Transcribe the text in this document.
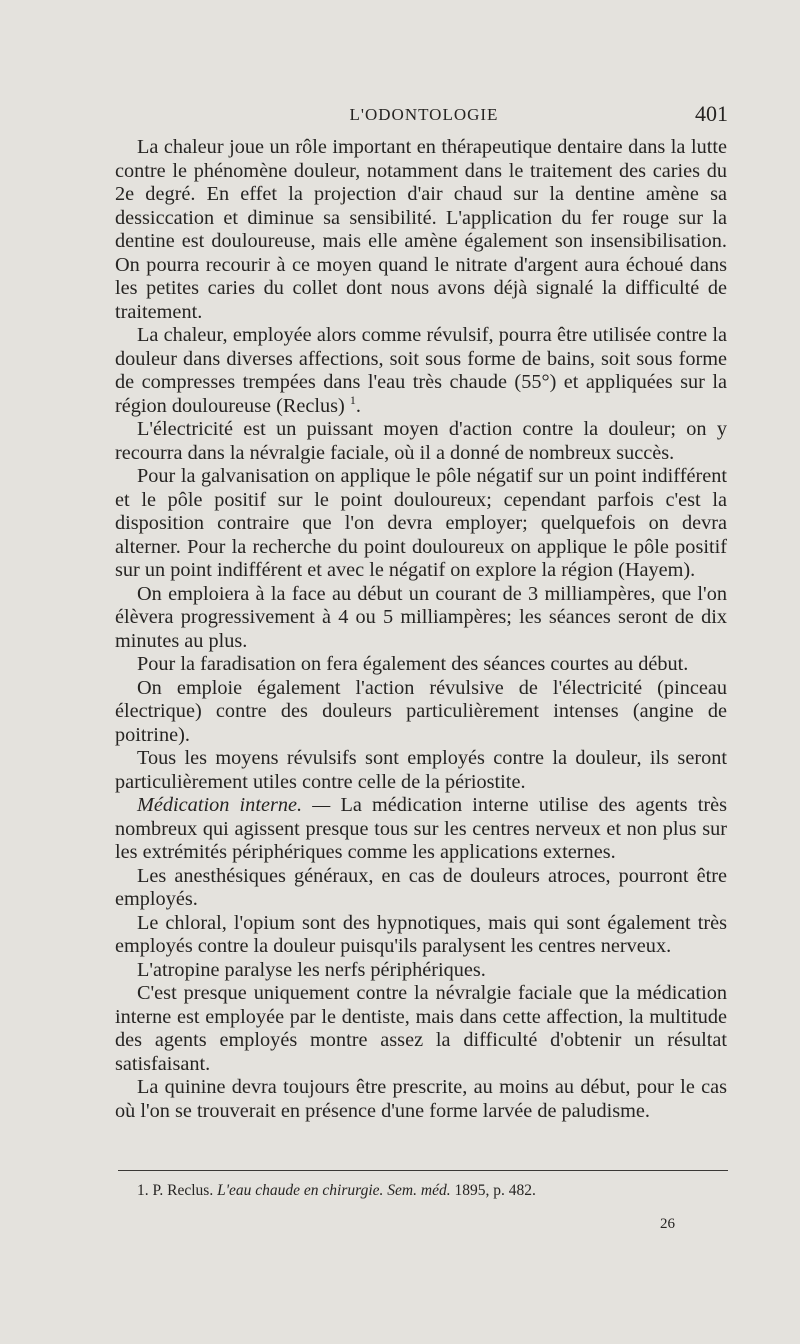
L'ODONTOLOGIE	401

La chaleur joue un rôle important en thérapeutique dentaire dans la lutte contre le phénomène douleur, notamment dans le traitement des caries du 2e degré. En effet la projection d'air chaud sur la dentine amène sa dessiccation et diminue sa sensibilité. L'application du fer rouge sur la dentine est douloureuse, mais elle amène également son insensibilisation. On pourra recourir à ce moyen quand le nitrate d'argent aura échoué dans les petites caries du collet dont nous avons déjà signalé la difficulté de traitement.

La chaleur, employée alors comme révulsif, pourra être utilisée contre la douleur dans diverses affections, soit sous forme de bains, soit sous forme de compresses trempées dans l'eau très chaude (55°) et appliquées sur la région douloureuse (Reclus) $^1$.

L'électricité est un puissant moyen d'action contre la douleur; on y recourra dans la névralgie faciale, où il a donné de nombreux succès.

Pour la galvanisation on applique le pôle négatif sur un point indifférent et le pôle positif sur le point douloureux; cependant parfois c'est la disposition contraire que l'on devra employer; quelquefois on devra alterner. Pour la recherche du point douloureux on applique le pôle positif sur un point indifférent et avec le négatif on explore la région (Hayem).

On emploiera à la face au début un courant de 3 milliampères, que l'on élèvera progressivement à 4 ou 5 milliampères; les séances seront de dix minutes au plus.

Pour la faradisation on fera également des séances courtes au début.

On emploie également l'action révulsive de l'électricité (pinceau électrique) contre des douleurs particulièrement intenses (angine de poitrine).

Tous les moyens révulsifs sont employés contre la douleur, ils seront particulièrement utiles contre celle de la périostite.

Médication interne. — La médication interne utilise des agents très nombreux qui agissent presque tous sur les centres nerveux et non plus sur les extrémités périphériques comme les applications externes.

Les anesthésiques généraux, en cas de douleurs atroces, pourront être employés.

Le chloral, l'opium sont des hypnotiques, mais qui sont également très employés contre la douleur puisqu'ils paralysent les centres nerveux.

L'atropine paralyse les nerfs périphériques.

C'est presque uniquement contre la névralgie faciale que la médication interne est employée par le dentiste, mais dans cette affection, la multitude des agents employés montre assez la difficulté d'obtenir un résultat satisfaisant.

La quinine devra toujours être prescrite, au moins au début, pour le cas où l'on se trouverait en présence d'une forme larvée de paludisme.

1. P. Reclus. L'eau chaude en chirurgie. Sem. méd. 1895, p. 482.
26
